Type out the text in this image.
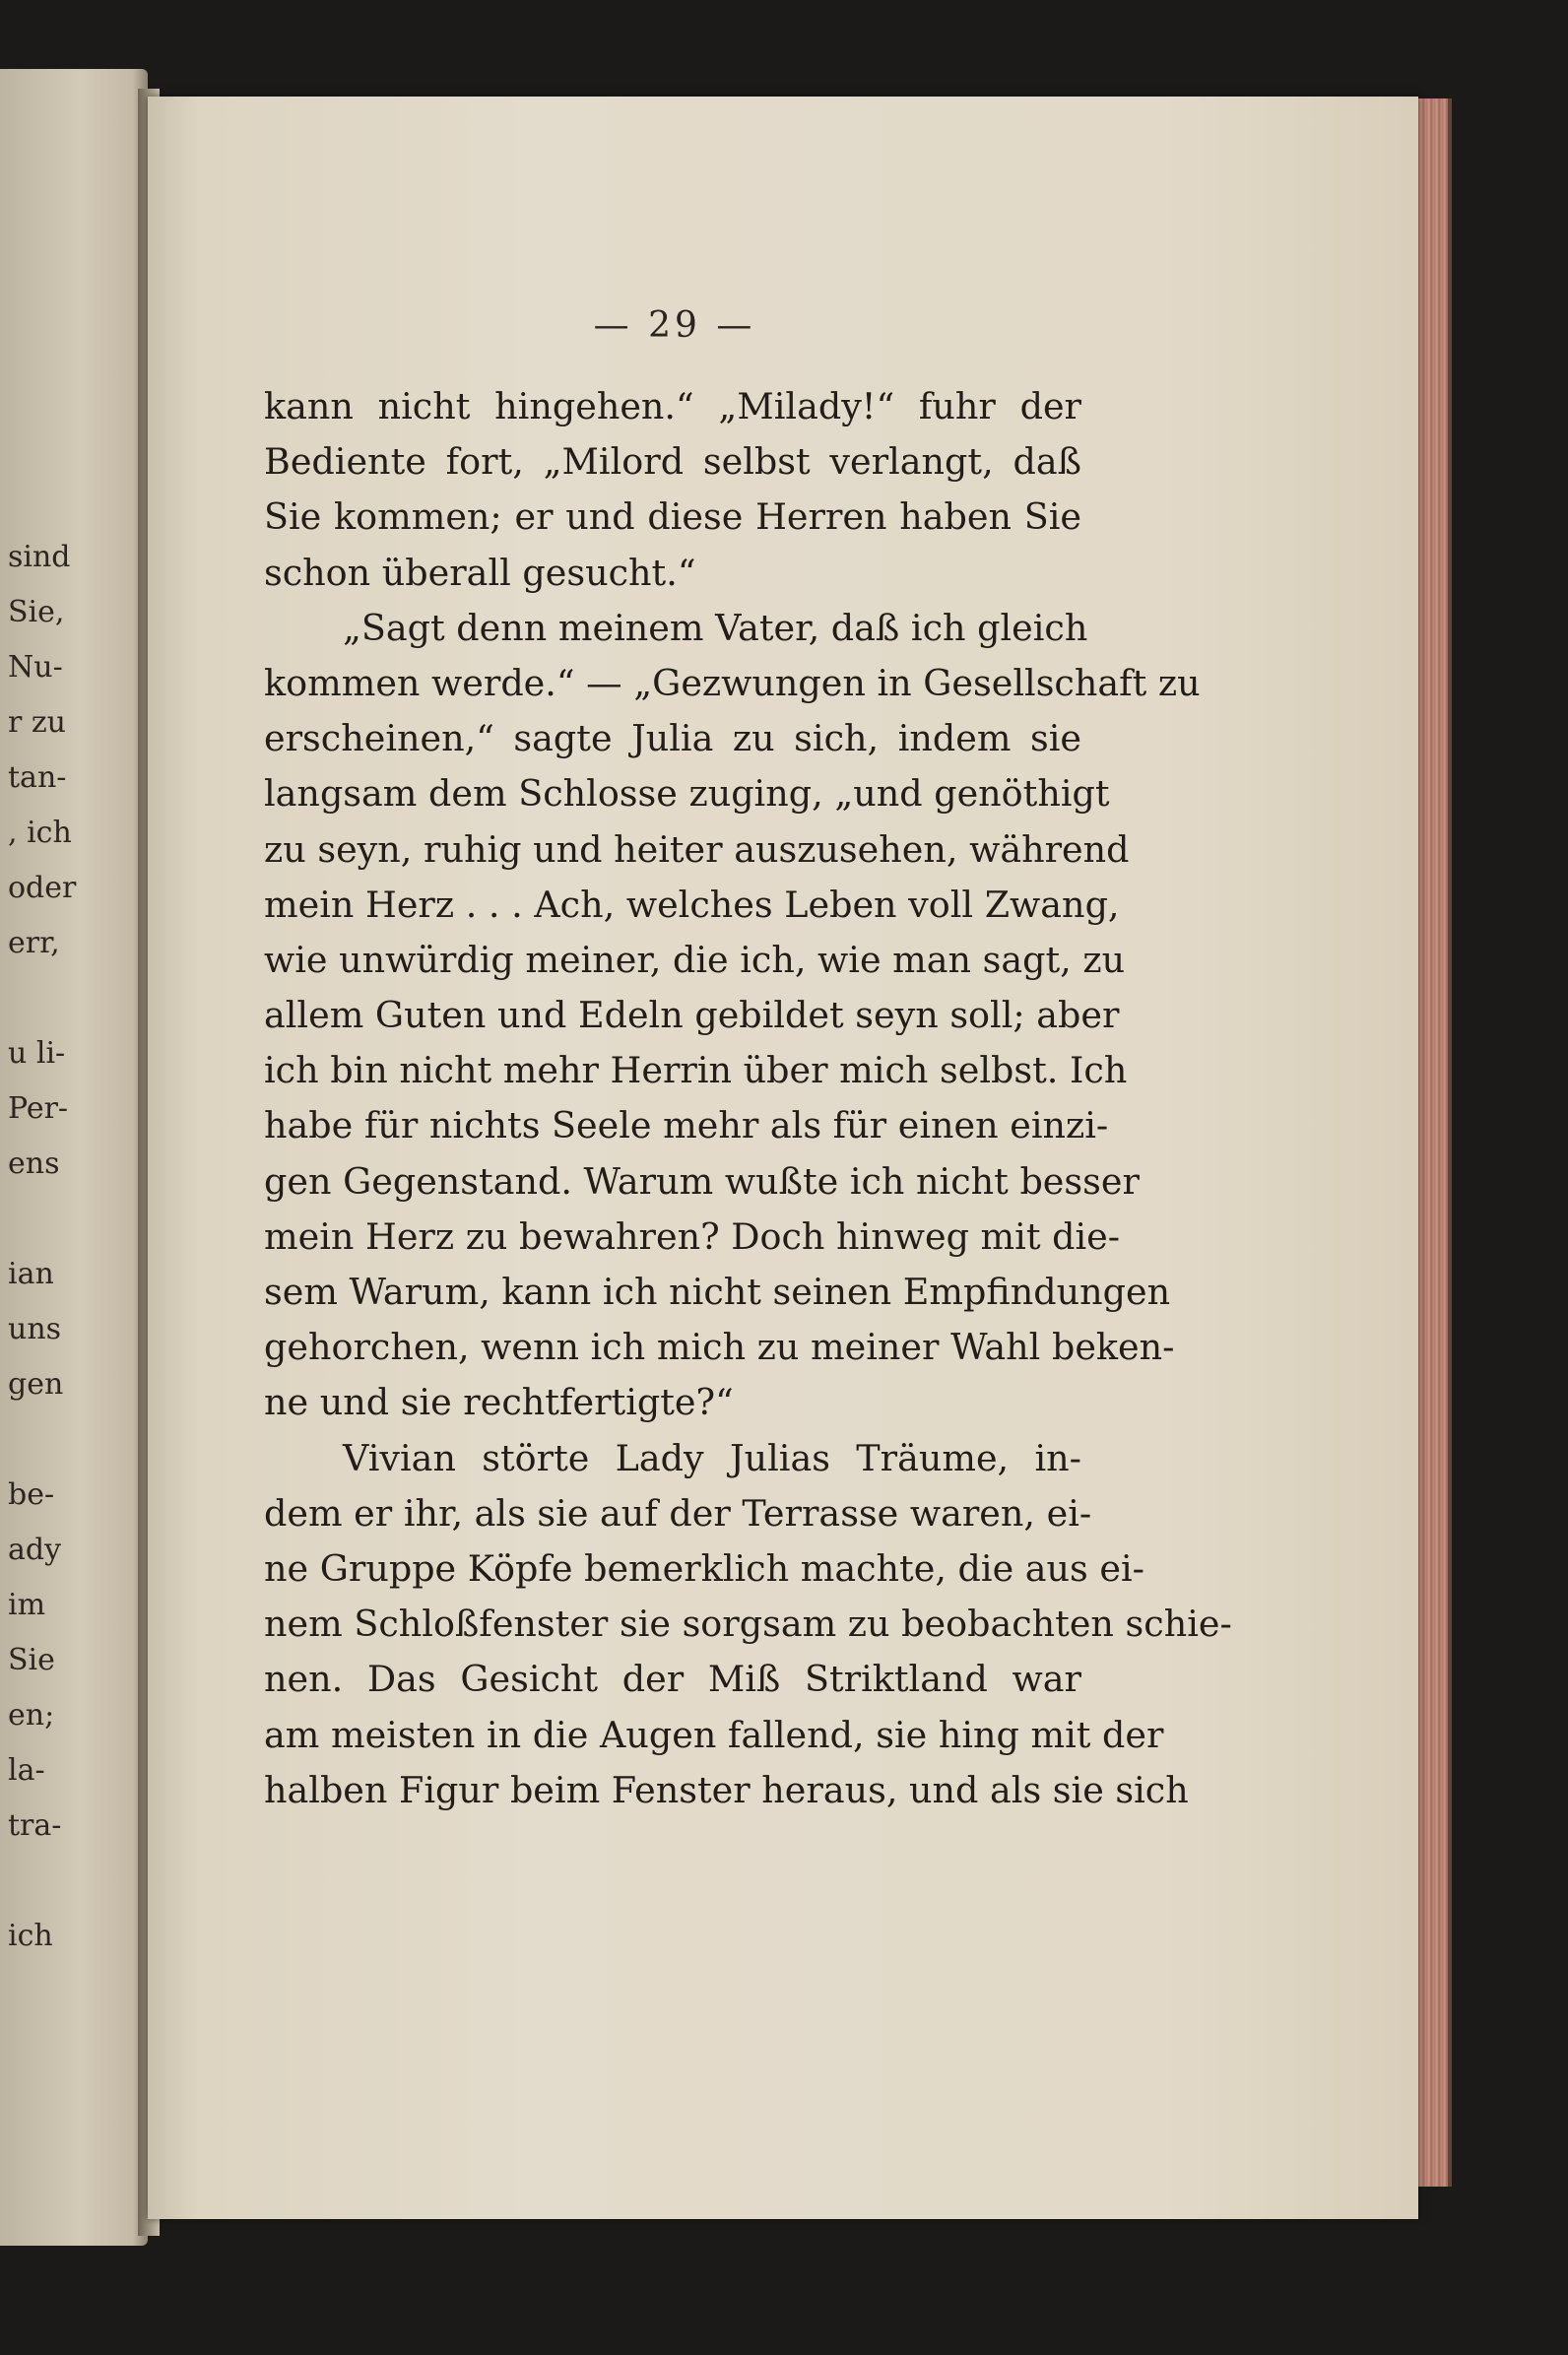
sind
Sie,
Nu-
r zu
tan-
, ich
oder
err,
u li-
Per-
ens
ian
uns
gen
be-
ady
im
Sie
en;
la-
tra-
ich
— 29 —
kann nicht hingehen.“ „Milady!“ fuhr der
Bediente fort, „Milord selbst verlangt, daß
Sie kommen; er und diese Herren haben Sie
schon überall gesucht.“
„Sagt denn meinem Vater, daß ich gleich
kommen werde.“ — „Gezwungen in Gesellschaft zu
erscheinen,“ sagte Julia zu sich, indem sie
langsam dem Schlosse zuging, „und genöthigt
zu seyn, ruhig und heiter auszusehen, während
mein Herz . . . Ach, welches Leben voll Zwang,
wie unwürdig meiner, die ich, wie man sagt, zu
allem Guten und Edeln gebildet seyn soll; aber
ich bin nicht mehr Herrin über mich selbst. Ich
habe für nichts Seele mehr als für einen einzi-
gen Gegenstand. Warum wußte ich nicht besser
mein Herz zu bewahren? Doch hinweg mit die-
sem Warum, kann ich nicht seinen Empfindungen
gehorchen, wenn ich mich zu meiner Wahl beken-
ne und sie rechtfertigte?“
Vivian störte Lady Julias Träume, in-
dem er ihr, als sie auf der Terrasse waren, ei-
ne Gruppe Köpfe bemerklich machte, die aus ei-
nem Schloßfenster sie sorgsam zu beobachten schie-
nen. Das Gesicht der Miß Striktland war
am meisten in die Augen fallend, sie hing mit der
halben Figur beim Fenster heraus, und als sie sich
